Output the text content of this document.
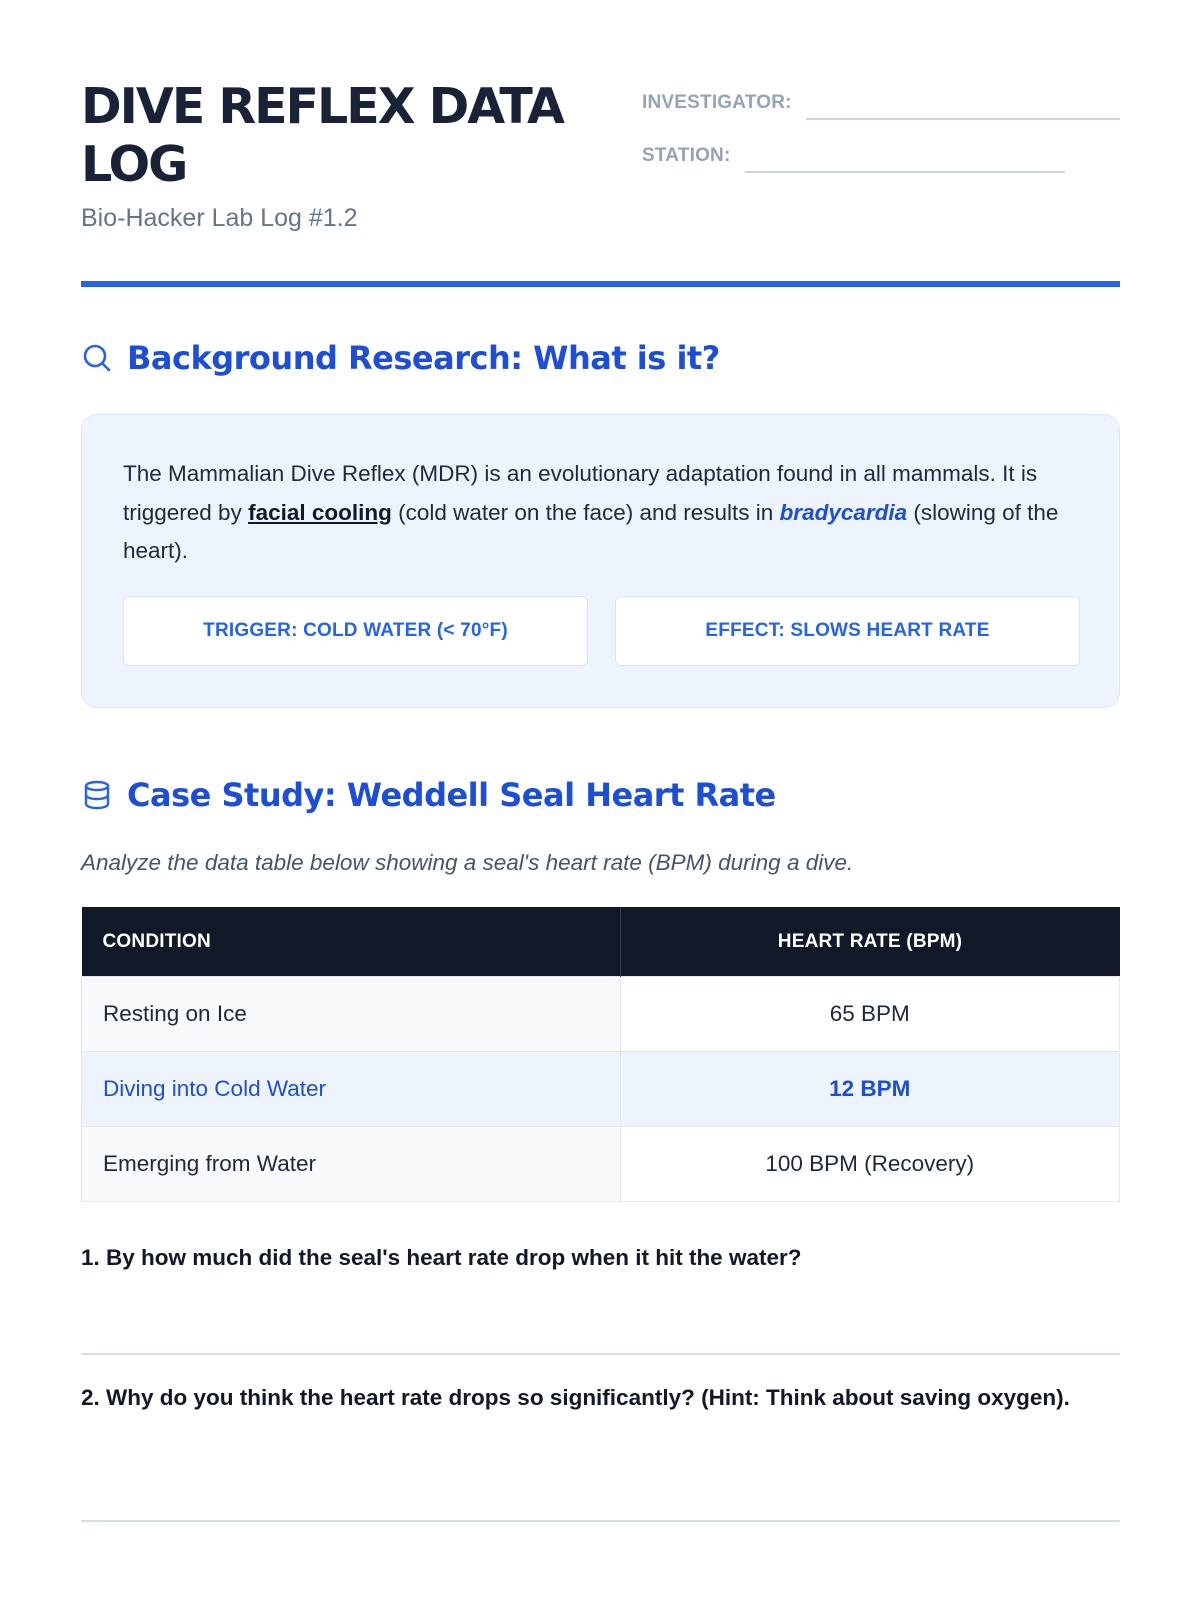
DIVE REFLEX DATA LOG
Bio-Hacker Lab Log #1.2
INVESTIGATOR:
STATION:
Background Research: What is it?

The Mammalian Dive Reflex (MDR) is an evolutionary adaptation found in all mammals. It is triggered by facial cooling (cold water on the face) and results in bradycardia (slowing of the heart).

TRIGGER: COLD WATER (< 70°F)	EFFECT: SLOWS HEART RATE
Case Study: Weddell Seal Heart Rate
Analyze the data table below showing a seal's heart rate (BPM) during a dive.
CONDITION	HEART RATE (BPM)
Resting on Ice	65 BPM
Diving into Cold Water	12 BPM
Emerging from Water	100 BPM (Recovery)

1. By how much did the seal's heart rate drop when it hit the water?

2. Why do you think the heart rate drops so significantly? (Hint: Think about saving oxygen).
